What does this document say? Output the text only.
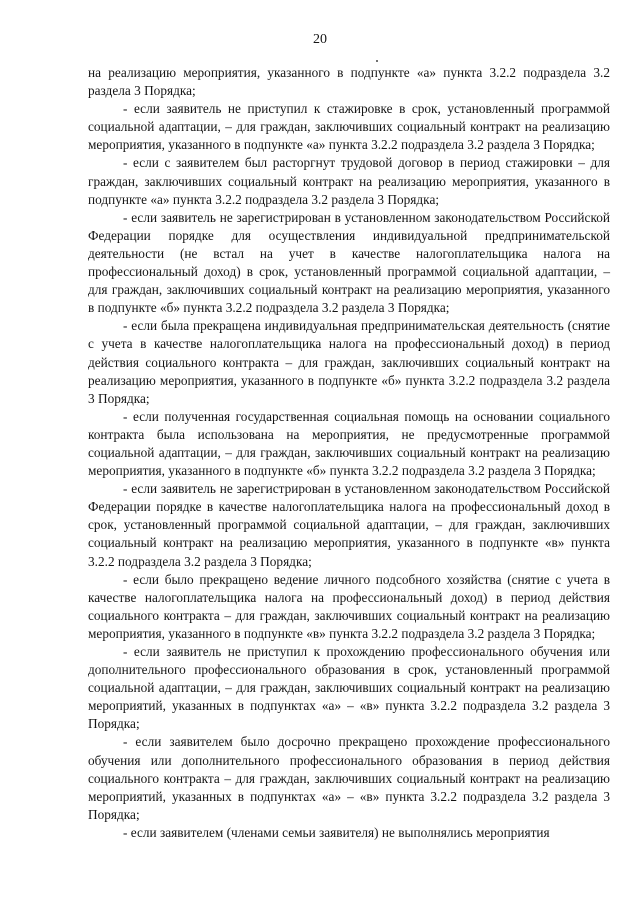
20

на реализацию мероприятия, указанного в подпункте «а» пункта 3.2.2 подраздела 3.2 раздела 3 Порядка;

- если заявитель не приступил к стажировке в срок, установленный программой социальной адаптации, – для граждан, заключивших социальный контракт на реализацию мероприятия, указанного в подпункте «а» пункта 3.2.2 подраздела 3.2 раздела 3 Порядка;

- если с заявителем был расторгнут трудовой договор в период стажировки – для граждан, заключивших социальный контракт на реализацию мероприятия, указанного в подпункте «а» пункта 3.2.2 подраздела 3.2 раздела 3 Порядка;

- если заявитель не зарегистрирован в установленном законодательством Российской Федерации порядке для осуществления индивидуальной предпринимательской деятельности (не встал на учет в качестве налогоплательщика налога на профессиональный доход) в срок, установленный программой социальной адаптации, – для граждан, заключивших социальный контракт на реализацию мероприятия, указанного в подпункте «б» пункта 3.2.2 подраздела 3.2 раздела 3 Порядка;

- если была прекращена индивидуальная предпринимательская деятельность (снятие с учета в качестве налогоплательщика налога на профессиональный доход) в период действия социального контракта – для граждан, заключивших социальный контракт на реализацию мероприятия, указанного в подпункте «б» пункта 3.2.2 подраздела 3.2 раздела 3 Порядка;

- если полученная государственная социальная помощь на основании социального контракта была использована на мероприятия, не предусмотренные программой социальной адаптации, – для граждан, заключивших социальный контракт на реализацию мероприятия, указанного в подпункте «б» пункта 3.2.2 подраздела 3.2 раздела 3 Порядка;

- если заявитель не зарегистрирован в установленном законодательством Российской Федерации порядке в качестве налогоплательщика налога на профессиональный доход в срок, установленный программой социальной адаптации, – для граждан, заключивших социальный контракт на реализацию мероприятия, указанного в подпункте «в» пункта 3.2.2 подраздела 3.2 раздела 3 Порядка;

- если было прекращено ведение личного подсобного хозяйства (снятие с учета в качестве налогоплательщика налога на профессиональный доход) в период действия социального контракта – для граждан, заключивших социальный контракт на реализацию мероприятия, указанного в подпункте «в» пункта 3.2.2 подраздела 3.2 раздела 3 Порядка;

- если заявитель не приступил к прохождению профессионального обучения или дополнительного профессионального образования в срок, установленный программой социальной адаптации, – для граждан, заключивших социальный контракт на реализацию мероприятий, указанных в подпунктах «а» – «в» пункта 3.2.2 подраздела 3.2 раздела 3 Порядка;

- если заявителем было досрочно прекращено прохождение профессионального обучения или дополнительного профессионального образования в период действия социального контракта – для граждан, заключивших социальный контракт на реализацию мероприятий, указанных в подпунктах «а» – «в» пункта 3.2.2 подраздела 3.2 раздела 3 Порядка;

- если заявителем (членами семьи заявителя) не выполнялись мероприятия
